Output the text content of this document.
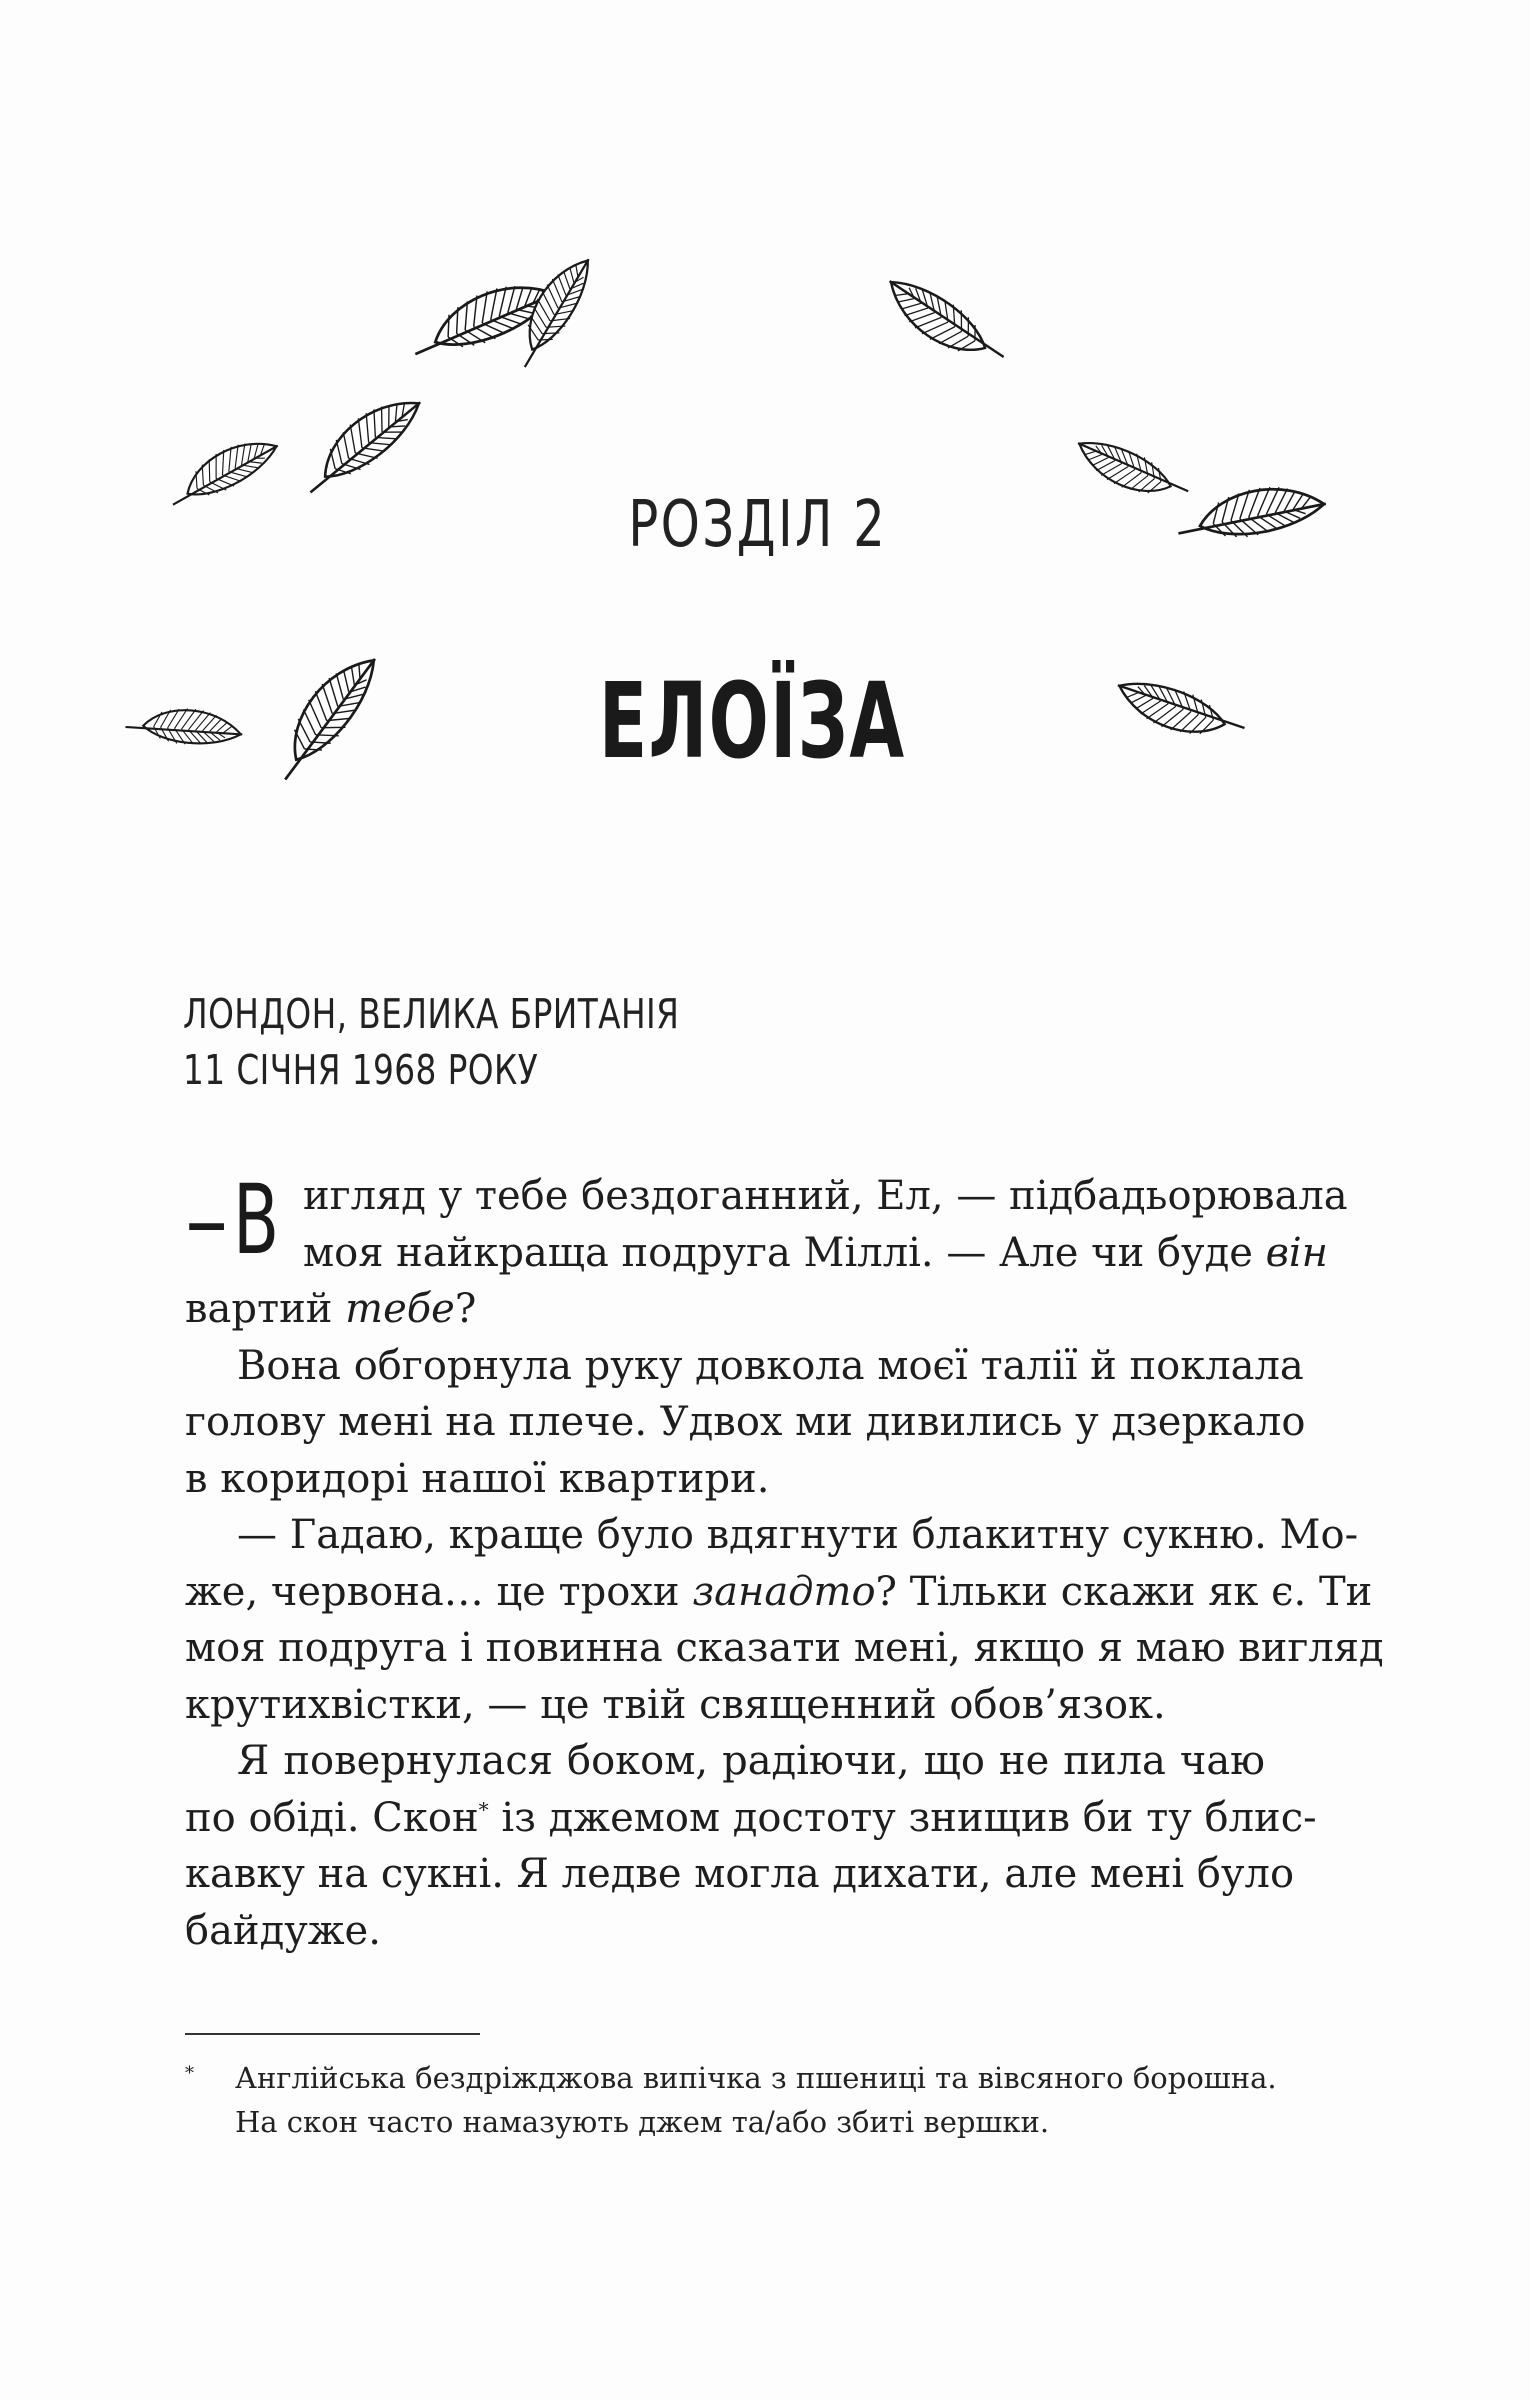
РОЗДІЛ 2
ЕЛОЇЗА
ЛОНДОН, ВЕЛИКА БРИТАНІЯ
11 СІЧНЯ 1968 РОКУ
–В игляд у тебе бездоганний, Ел, — підбадьорювала
моя найкраща подруга Міллі. — Але чи буде він
вартий тебе?
Вона обгорнула руку довкола моєї талії й поклала
голову мені на плече. Удвох ми дивились у дзеркало
в коридорі нашої квартири.
— Гадаю, краще було вдягнути блакитну сукню. Мо-
же, червона… це трохи занадто? Тільки скажи як є. Ти
моя подруга і повинна сказати мені, якщо я маю вигляд
крутихвістки, — це твій священний обов’язок.
Я повернулася боком, радіючи, що не пила чаю
по обіді. Скон* із джемом достоту знищив би ту блис-
кавку на сукні. Я ледве могла дихати, але мені було
байдуже.
*	Англійська бездріжджова випічка з пшениці та вівсяного борошна.
На скон часто намазують джем та/або збиті вершки.
